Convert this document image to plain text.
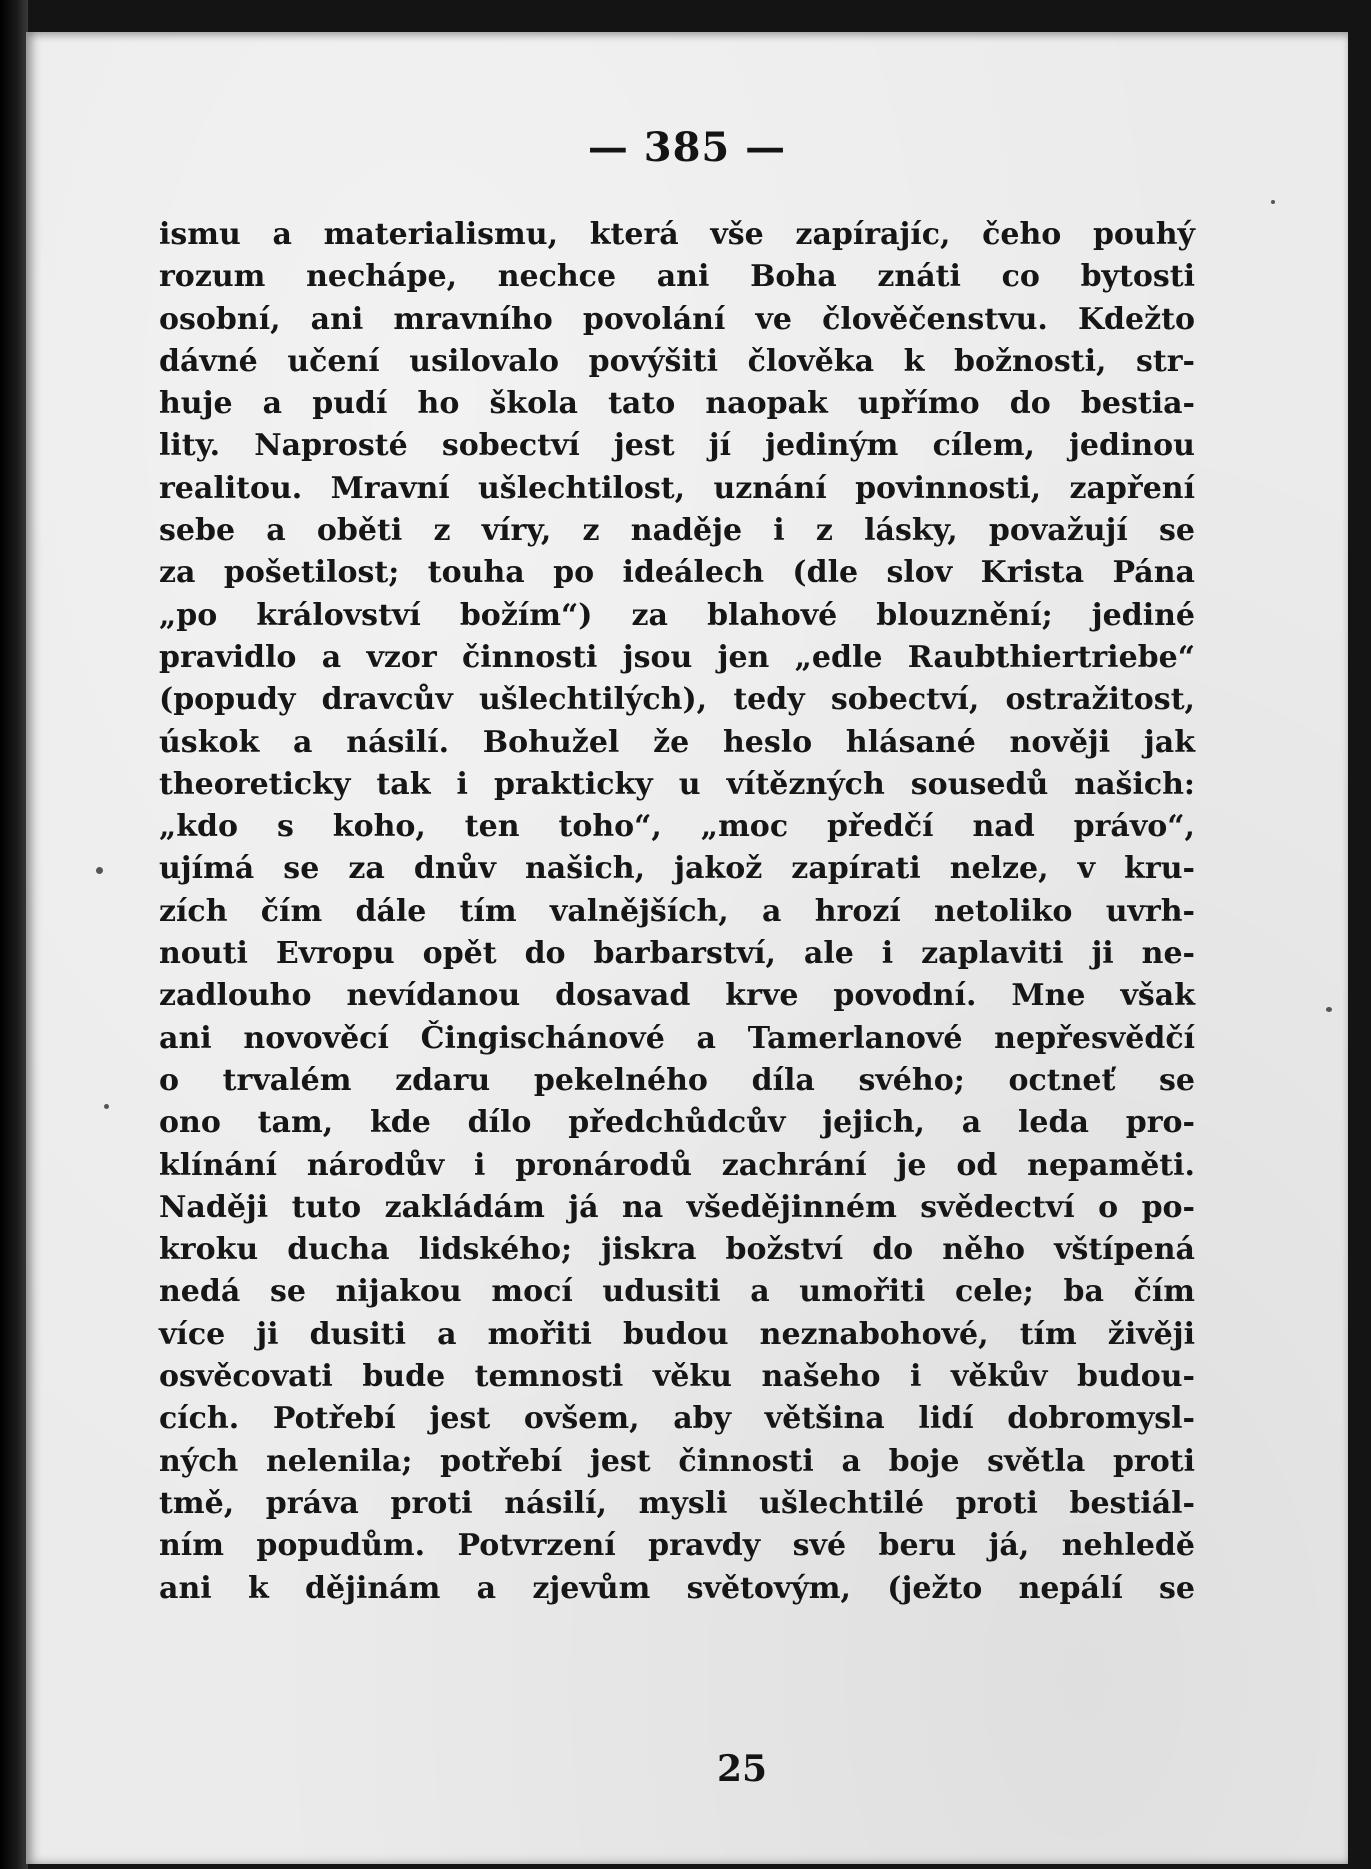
— 385 —
ismu a materialismu, která vše zapírajíc, čeho pouhý
rozum nechápe, nechce ani Boha znáti co bytosti
osobní, ani mravního povolání ve člověčenstvu. Kdežto
dávné učení usilovalo povýšiti člověka k božnosti, str-
huje a pudí ho škola tato naopak upřímo do bestia-
lity. Naprosté sobectví jest jí jediným cílem, jedinou
realitou. Mravní ušlechtilost, uznání povinnosti, zapření
sebe a oběti z víry, z naděje i z lásky, považují se
za pošetilost; touha po ideálech (dle slov Krista Pána
„po království božím“) za blahové blouznění; jediné
pravidlo a vzor činnosti jsou jen „edle Raubthiertriebe“
(popudy dravcův ušlechtilých), tedy sobectví, ostražitost,
úskok a násilí. Bohužel že heslo hlásané nověji jak
theoreticky tak i prakticky u vítězných sousedů našich:
„kdo s koho, ten toho“, „moc předčí nad právo“,
ujímá se za dnův našich, jakož zapírati nelze, v kru-
zích čím dále tím valnějších, a hrozí netoliko uvrh-
nouti Evropu opět do barbarství, ale i zaplaviti ji ne-
zadlouho nevídanou dosavad krve povodní. Mne však
ani novověcí Čingischánové a Tamerlanové nepřesvědčí
o trvalém zdaru pekelného díla svého; octneť se
ono tam, kde dílo předchůdcův jejich, a leda pro-
klínání národův i pronárodů zachrání je od nepaměti.
Naději tuto zakládám já na všedějinném svědectví o po-
kroku ducha lidského; jiskra božství do něho vštípená
nedá se nijakou mocí udusiti a umořiti cele; ba čím
více ji dusiti a mořiti budou neznabohové, tím živěji
osvěcovati bude temnosti věku našeho i věkův budou-
cích. Potřebí jest ovšem, aby většina lidí dobromysl-
ných nelenila; potřebí jest činnosti a boje světla proti
tmě, práva proti násilí, mysli ušlechtilé proti bestiál-
ním popudům. Potvrzení pravdy své beru já, nehledě
ani k dějinám a zjevům světovým, (ježto nepálí se
25
